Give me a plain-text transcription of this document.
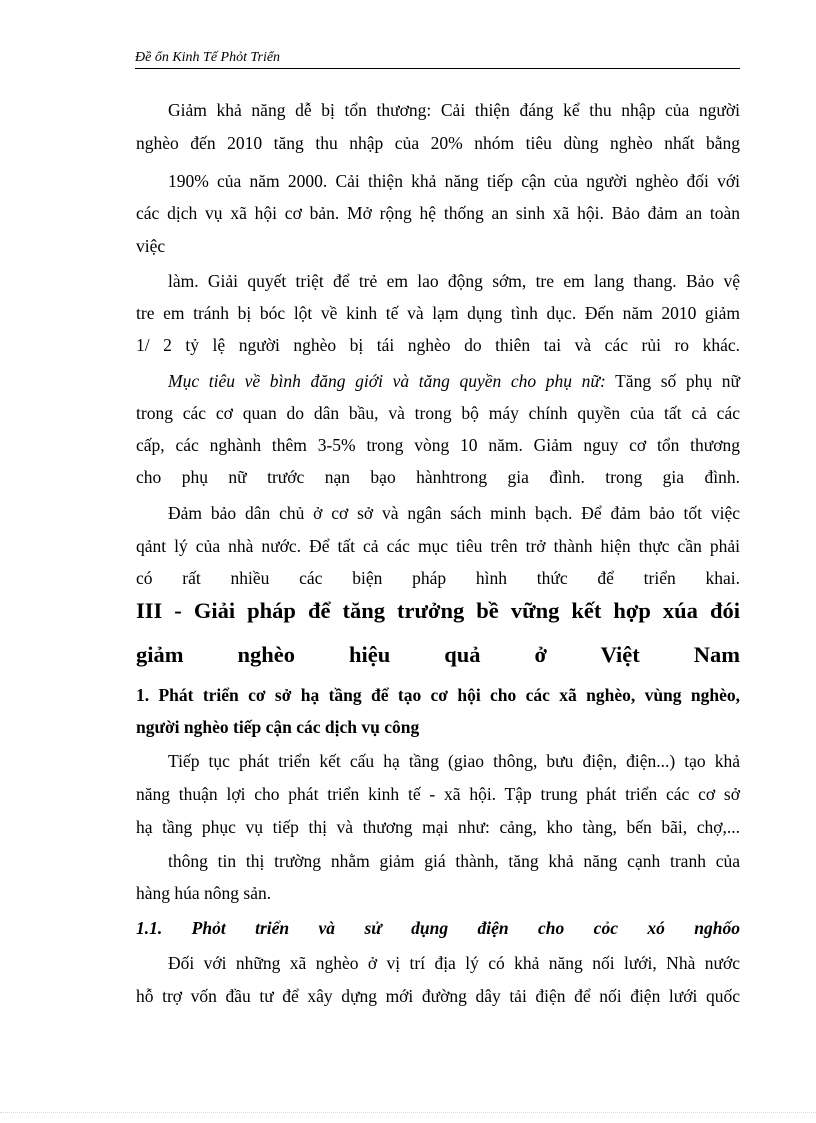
Đề ổn Kinh Tế Phỏt Triển
Giảm khả năng dễ bị tổn thương: Cải thiện đáng kể thu nhập của người
nghèo đến 2010 tăng thu nhập của 20% nhóm tiêu dùng nghèo nhất bằng
190% của năm 2000. Cải thiện khả năng tiếp cận của người nghèo đối với
các dịch vụ xã hội cơ bản. Mở rộng hệ thống an sinh xã hội. Bảo đảm an toàn
việc
làm. Giải quyết triệt để trẻ em lao động sớm, tre em lang thang. Bảo vệ
tre em tránh bị bóc lột về kinh tế và lạm dụng tình dục. Đến năm 2010 giảm
1/ 2 tỷ lệ người nghèo bị tái nghèo do thiên tai và các rủi ro khác.
Mục tiêu về bình đăng giới và tăng quyền cho phụ nữ: Tăng số phụ nữ
trong các cơ quan do dân bầu, và trong bộ máy chính quyền của tất cả các
cấp, các nghành thêm 3-5% trong vòng 10 năm. Giảm nguy cơ tổn thương
cho phụ nữ trước nạn bạo hànhtrong gia đình. trong gia đình.
Đảm bảo dân chủ ở cơ sở và ngân sách minh bạch. Để đảm bảo tốt việc
qảnt lý của nhà nước. Để tất cả các mục tiêu trên trở thành hiện thực cần phải
có rất nhiều các biện pháp hình thức để triển khai.
III - Giải pháp để tăng trưởng bề vững kết hợp xúa đói
giảm nghèo hiệu quả ở Việt Nam
1. Phát triển cơ sở hạ tầng để tạo cơ hội cho các xã nghèo, vùng nghèo,
người nghèo tiếp cận các dịch vụ công
Tiếp tục phát triển kết cấu hạ tầng (giao thông, bưu điện, điện...) tạo khả
năng thuận lợi cho phát triển kinh tế - xã hội. Tập trung phát triển các cơ sở
hạ tầng phục vụ tiếp thị và thương mại như: cảng, kho tàng, bến bãi, chợ,...
thông tin thị trường nhằm giảm giá thành, tăng khả năng cạnh tranh của
hàng húa nông sản.
1.1. Phỏt triển và sử dụng điện cho cỏc xó nghốo
Đối với những xã nghèo ở vị trí địa lý có khả năng nối lưới, Nhà nước
hỗ trợ vốn đầu tư để xây dựng mới đường dây tải điện để nối điện lưới quốc
